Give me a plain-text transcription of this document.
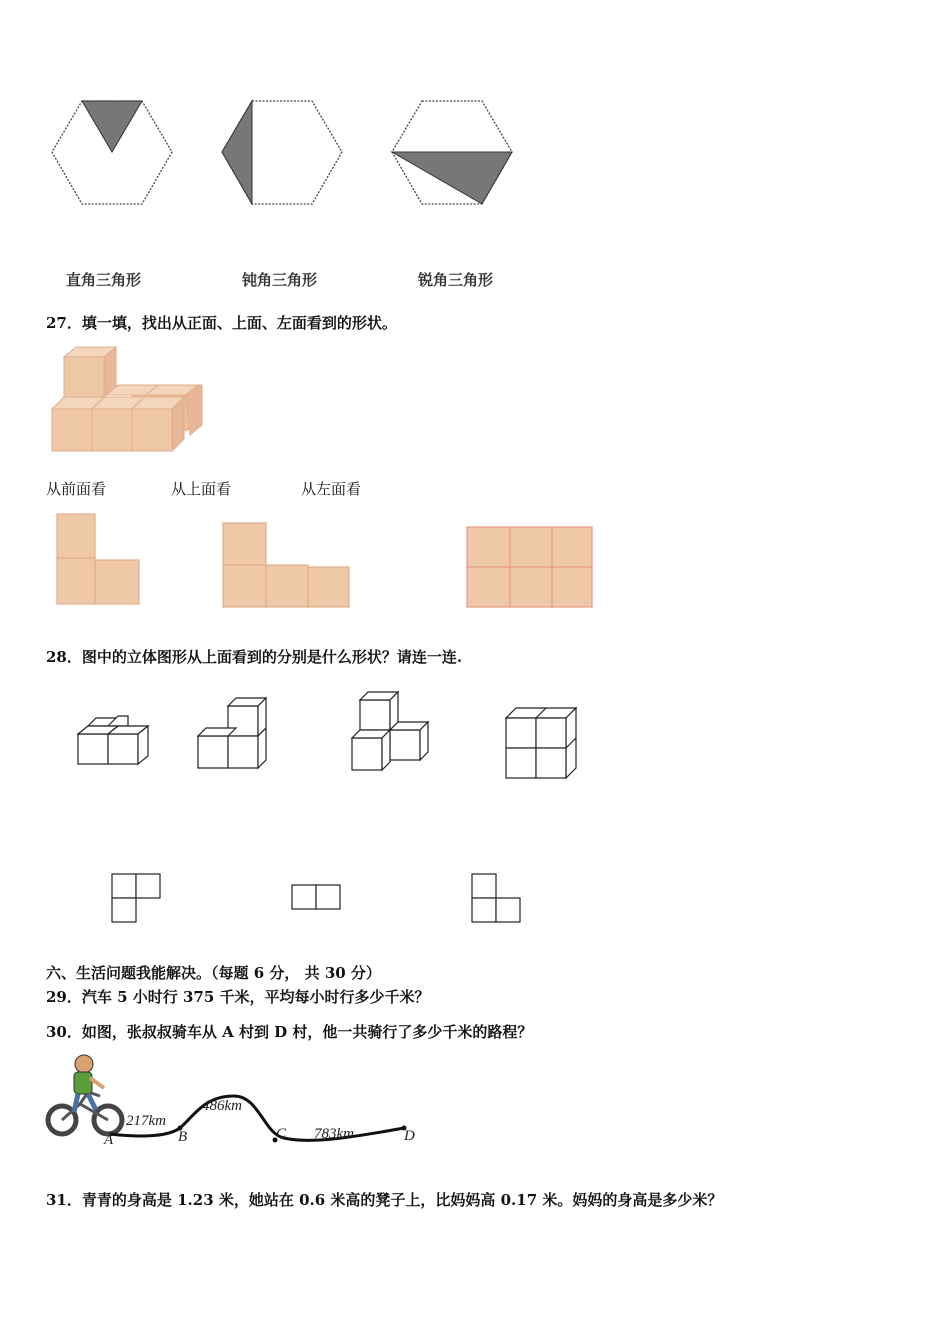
直角三角形	钝角三角形	锐角三角形
27．填一填，找出从正面、上面、左面看到的形状。
从前面看	从上面看	从左面看
28．图中的立体图形从上面看到的分别是什么形状？请连一连.
六、生活问题我能解决。（每题 6 分， 共 30 分）
29．汽车 5 小时行 375 千米，平均每小时行多少千米？
30．如图，张叔叔骑车从 A 村到 D 村，他一共骑行了多少千米的路程？
A	B	C	D
217km
486km
783km
31．青青的身高是 1.23 米，她站在 0.6 米高的凳子上，比妈妈高 0.17 米。妈妈的身高是多少米？
